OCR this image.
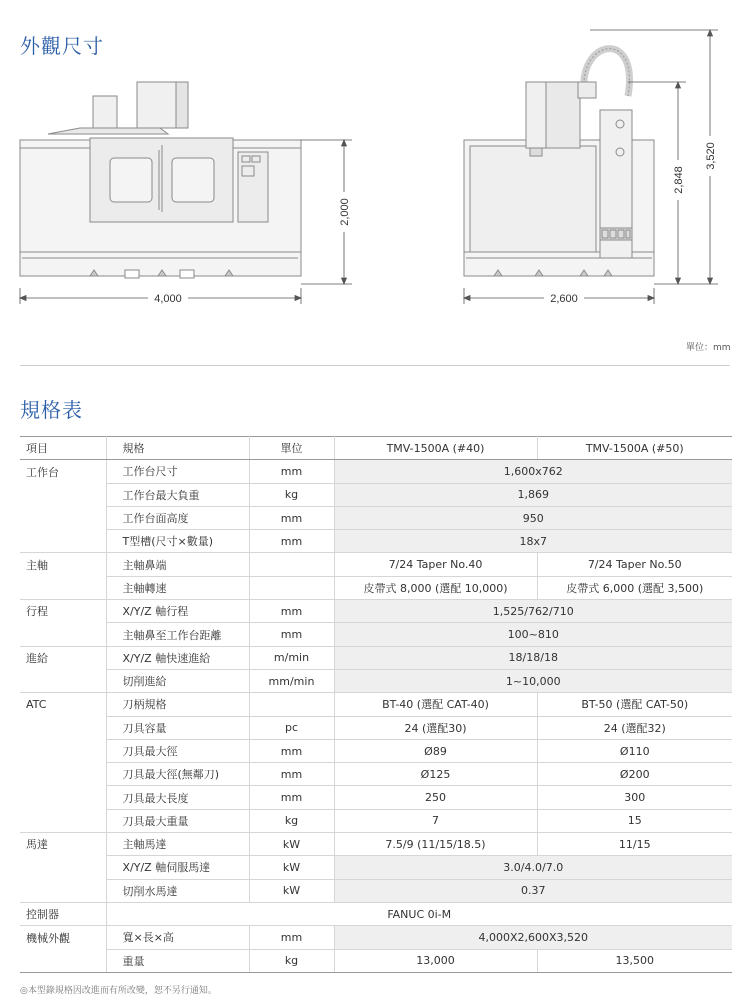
外觀尺寸
4,000
2,000
2,600
2,848
3,520
單位：mm
規格表
項目	規格	單位	TMV-1500A (#40)	TMV-1500A (#50)
工作台	工作台尺寸	mm	1,600x762	
	工作台最大負重	kg	1,869	
	工作台面高度	mm	950	
	T型槽(尺寸×數量)	mm	18x7	
主軸	主軸鼻端		7/24 Taper No.40	7/24 Taper No.50
	主軸轉速		皮帶式 8,000 (選配 10,000)	皮帶式 6,000 (選配 3,500)
行程	X/Y/Z 軸行程	mm	1,525/762/710	
	主軸鼻至工作台距離	mm	100~810	
進給	X/Y/Z 軸快速進給	m/min	18/18/18	
	切削進給	mm/min	1~10,000	
ATC	刀柄規格		BT-40 (選配 CAT-40)	BT-50 (選配 CAT-50)
	刀具容量	pc	24 (選配30)	24 (選配32)
	刀具最大徑	mm	Ø89	Ø110
	刀具最大徑(無鄰刀)	mm	Ø125	Ø200
	刀具最大長度	mm	250	300
	刀具最大重量	kg	7	15
馬達	主軸馬達	kW	7.5/9 (11/15/18.5)	11/15
	X/Y/Z 軸伺服馬達	kW	3.0/4.0/7.0	
	切削水馬達	kW	0.37	
控制器	FANUC 0i-M			
機械外觀	寬×長×高	mm	4,000X2,600X3,520	
	重量	kg	13,000	13,500
◎本型錄規格因改進而有所改變，恕不另行通知。
